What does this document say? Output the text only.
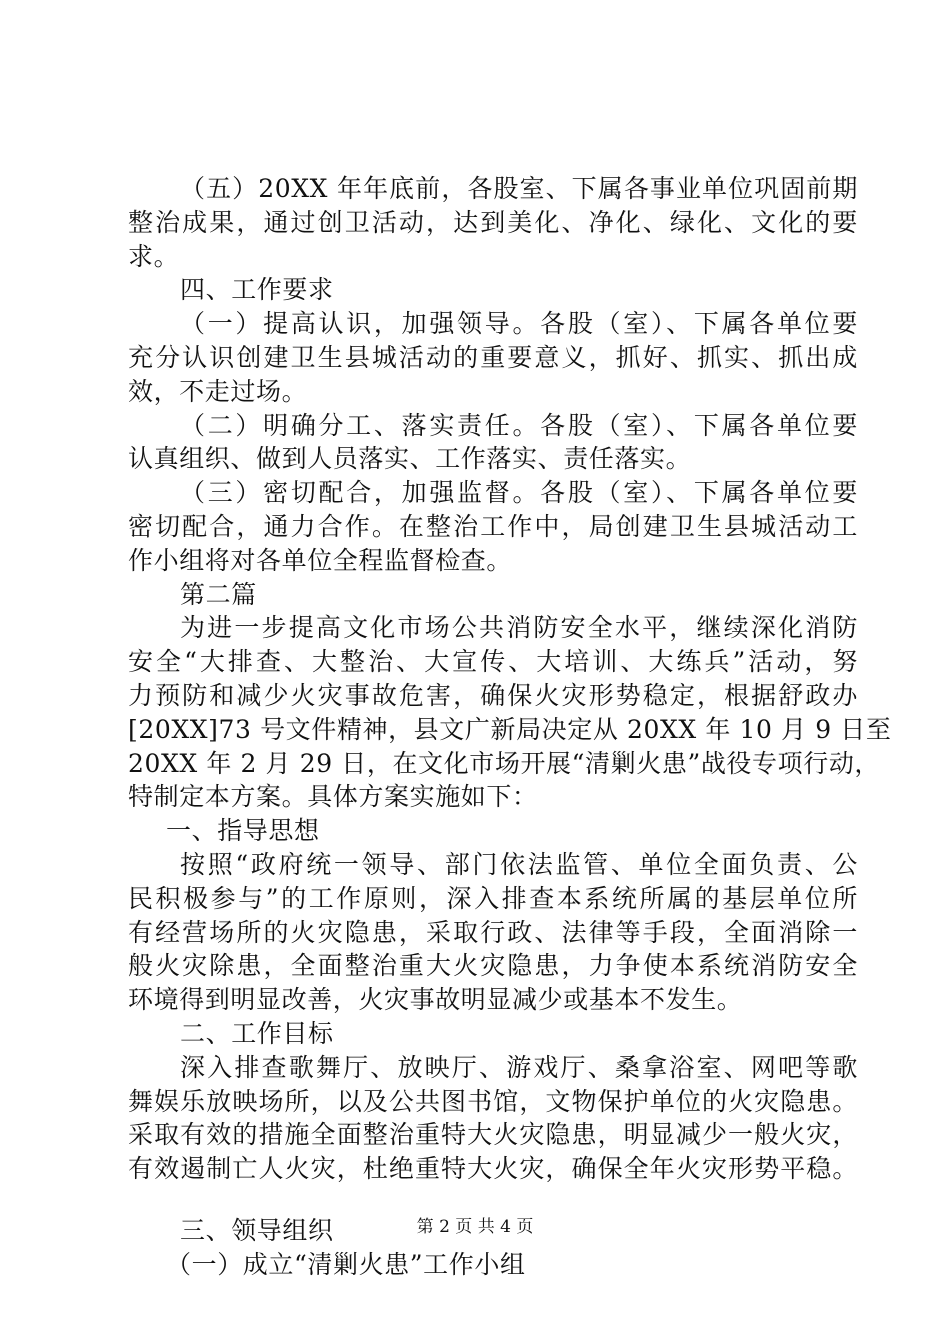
（五）20XX 年年底前，各股室、下属各事业单位巩固前期
整治成果，通过创卫活动，达到美化、净化、绿化、文化的要
求。
四、工作要求
（一）提高认识，加强领导。各股（室）、下属各单位要
充分认识创建卫生县城活动的重要意义，抓好、抓实、抓出成
效，不走过场。
（二）明确分工、落实责任。各股（室）、下属各单位要
认真组织、做到人员落实、工作落实、责任落实。
（三）密切配合，加强监督。各股（室）、下属各单位要
密切配合，通力合作。在整治工作中，局创建卫生县城活动工
作小组将对各单位全程监督检查。
第二篇
为进一步提高文化市场公共消防安全水平，继续深化消防
安全“大排查、大整治、大宣传、大培训、大练兵”活动，努
力预防和减少火灾事故危害，确保火灾形势稳定，根据舒政办
[20XX]73 号文件精神，县文广新局决定从 20XX 年 10 月 9 日至
20XX 年 2 月 29 日，在文化市场开展“清剿火患”战役专项行动，
特制定本方案。具体方案实施如下：
一、指导思想
按照“政府统一领导、部门依法监管、单位全面负责、公
民积极参与”的工作原则，深入排查本系统所属的基层单位所
有经营场所的火灾隐患，采取行政、法律等手段，全面消除一
般火灾除患，全面整治重大火灾隐患，力争使本系统消防安全
环境得到明显改善，火灾事故明显减少或基本不发生。
二、工作目标
深入排查歌舞厅、放映厅、游戏厅、桑拿浴室、网吧等歌
舞娱乐放映场所，以及公共图书馆，文物保护单位的火灾隐患。
采取有效的措施全面整治重特大火灾隐患，明显减少一般火灾，
有效遏制亡人火灾，杜绝重特大火灾，确保全年火灾形势平稳。
三、领导组织
（一）成立“清剿火患”工作小组
第 2 页 共 4 页
